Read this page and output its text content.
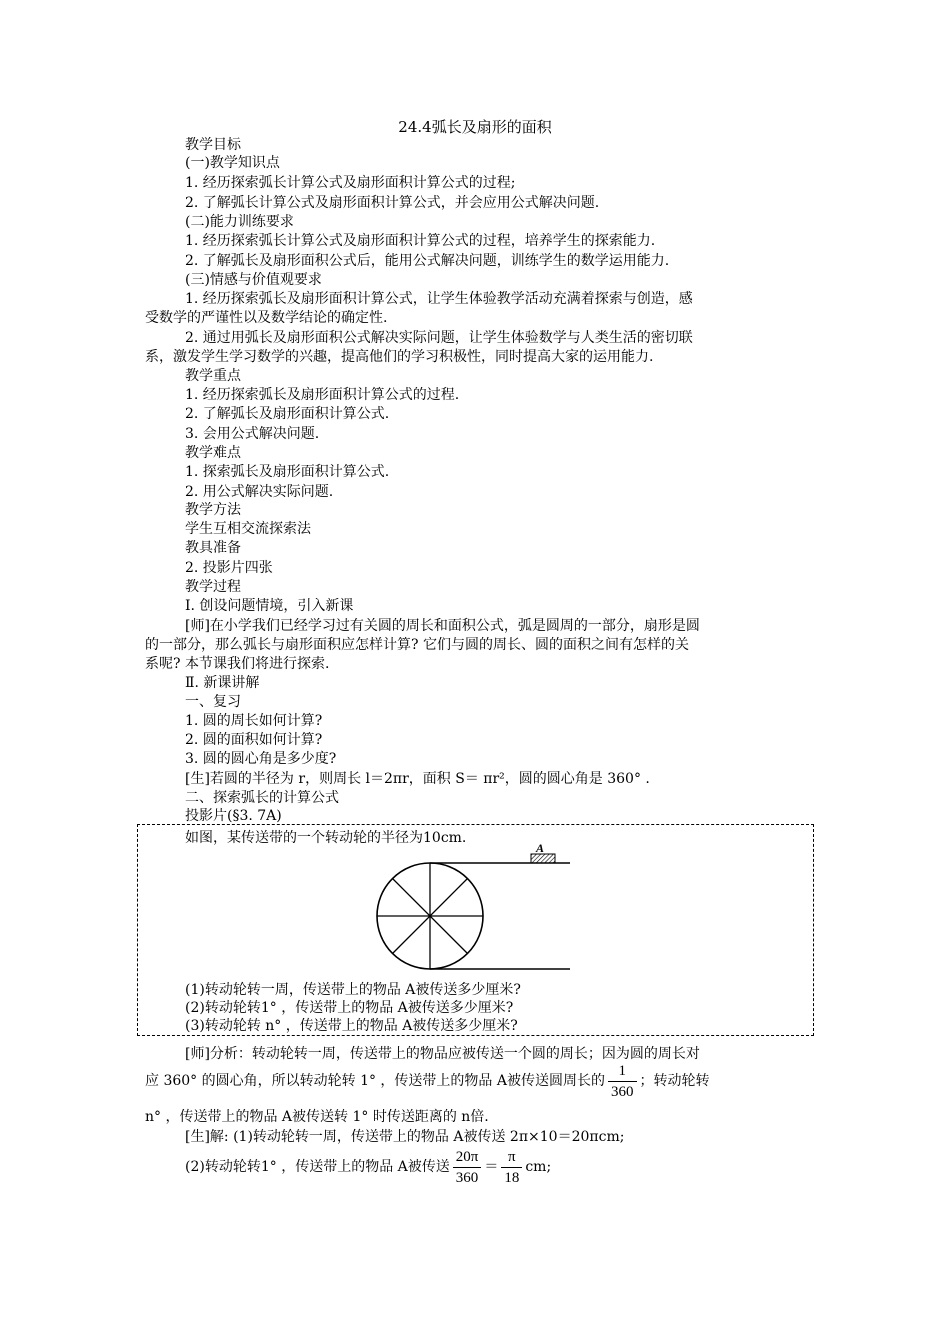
24.4弧长及扇形的面积
教学目标
(一)教学知识点
1. 经历探索弧长计算公式及扇形面积计算公式的过程;
2. 了解弧长计算公式及扇形面积计算公式，并会应用公式解决问题.
(二)能力训练要求
1. 经历探索弧长计算公式及扇形面积计算公式的过程，培养学生的探索能力.
2. 了解弧长及扇形面积公式后，能用公式解决问题，训练学生的数学运用能力.
(三)情感与价值观要求
1. 经历探索弧长及扇形面积计算公式，让学生体验教学活动充满着探索与创造，感
受数学的严谨性以及数学结论的确定性.
2. 通过用弧长及扇形面积公式解决实际问题，让学生体验数学与人类生活的密切联
系，激发学生学习数学的兴趣，提高他们的学习积极性，同时提高大家的运用能力.
教学重点
1. 经历探索弧长及扇形面积计算公式的过程.
2. 了解弧长及扇形面积计算公式.
3. 会用公式解决问题.
教学难点
1. 探索弧长及扇形面积计算公式.
2. 用公式解决实际问题.
教学方法
学生互相交流探索法
教具准备
2. 投影片四张
教学过程
Ⅰ. 创设问题情境，引入新课
[师]在小学我们已经学习过有关圆的周长和面积公式，弧是圆周的一部分，扇形是圆
的一部分，那么弧长与扇形面积应怎样计算? 它们与圆的周长、圆的面积之间有怎样的关
系呢? 本节课我们将进行探索.
Ⅱ. 新课讲解
一、复习
1. 圆的周长如何计算?
2. 圆的面积如何计算?
3. 圆的圆心角是多少度?
[生]若圆的半径为 r，则周长 l＝2πr，面积 S＝ πr²，圆的圆心角是 360° .
二、探索弧长的计算公式
投影片(§3. 7A)
如图，某传送带的一个转动轮的半径为10cm.
A
(1)转动轮转一周，传送带上的物品 A被传送多少厘米?
(2)转动轮转1° ，传送带上的物品 A被传送多少厘米?
(3)转动轮转 n° ，传送带上的物品 A被传送多少厘米?
[师]分析：转动轮转一周，传送带上的物品应被传送一个圆的周长；因为圆的周长对
应 360° 的圆心角，所以转动轮转 1° ，传送带上的物品 A被传送圆周长的 $\frac{1}{360}$ ；转动轮转
n° ，传送带上的物品 A被传送转 1° 时传送距离的 n倍.
[生]解: (1)转动轮转一周，传送带上的物品 A被传送 2π×10＝20πcm;
(2)转动轮转1° ，传送带上的物品 A被传送 $\frac{20\pi}{360} = \frac{\pi}{18}$ cm;
